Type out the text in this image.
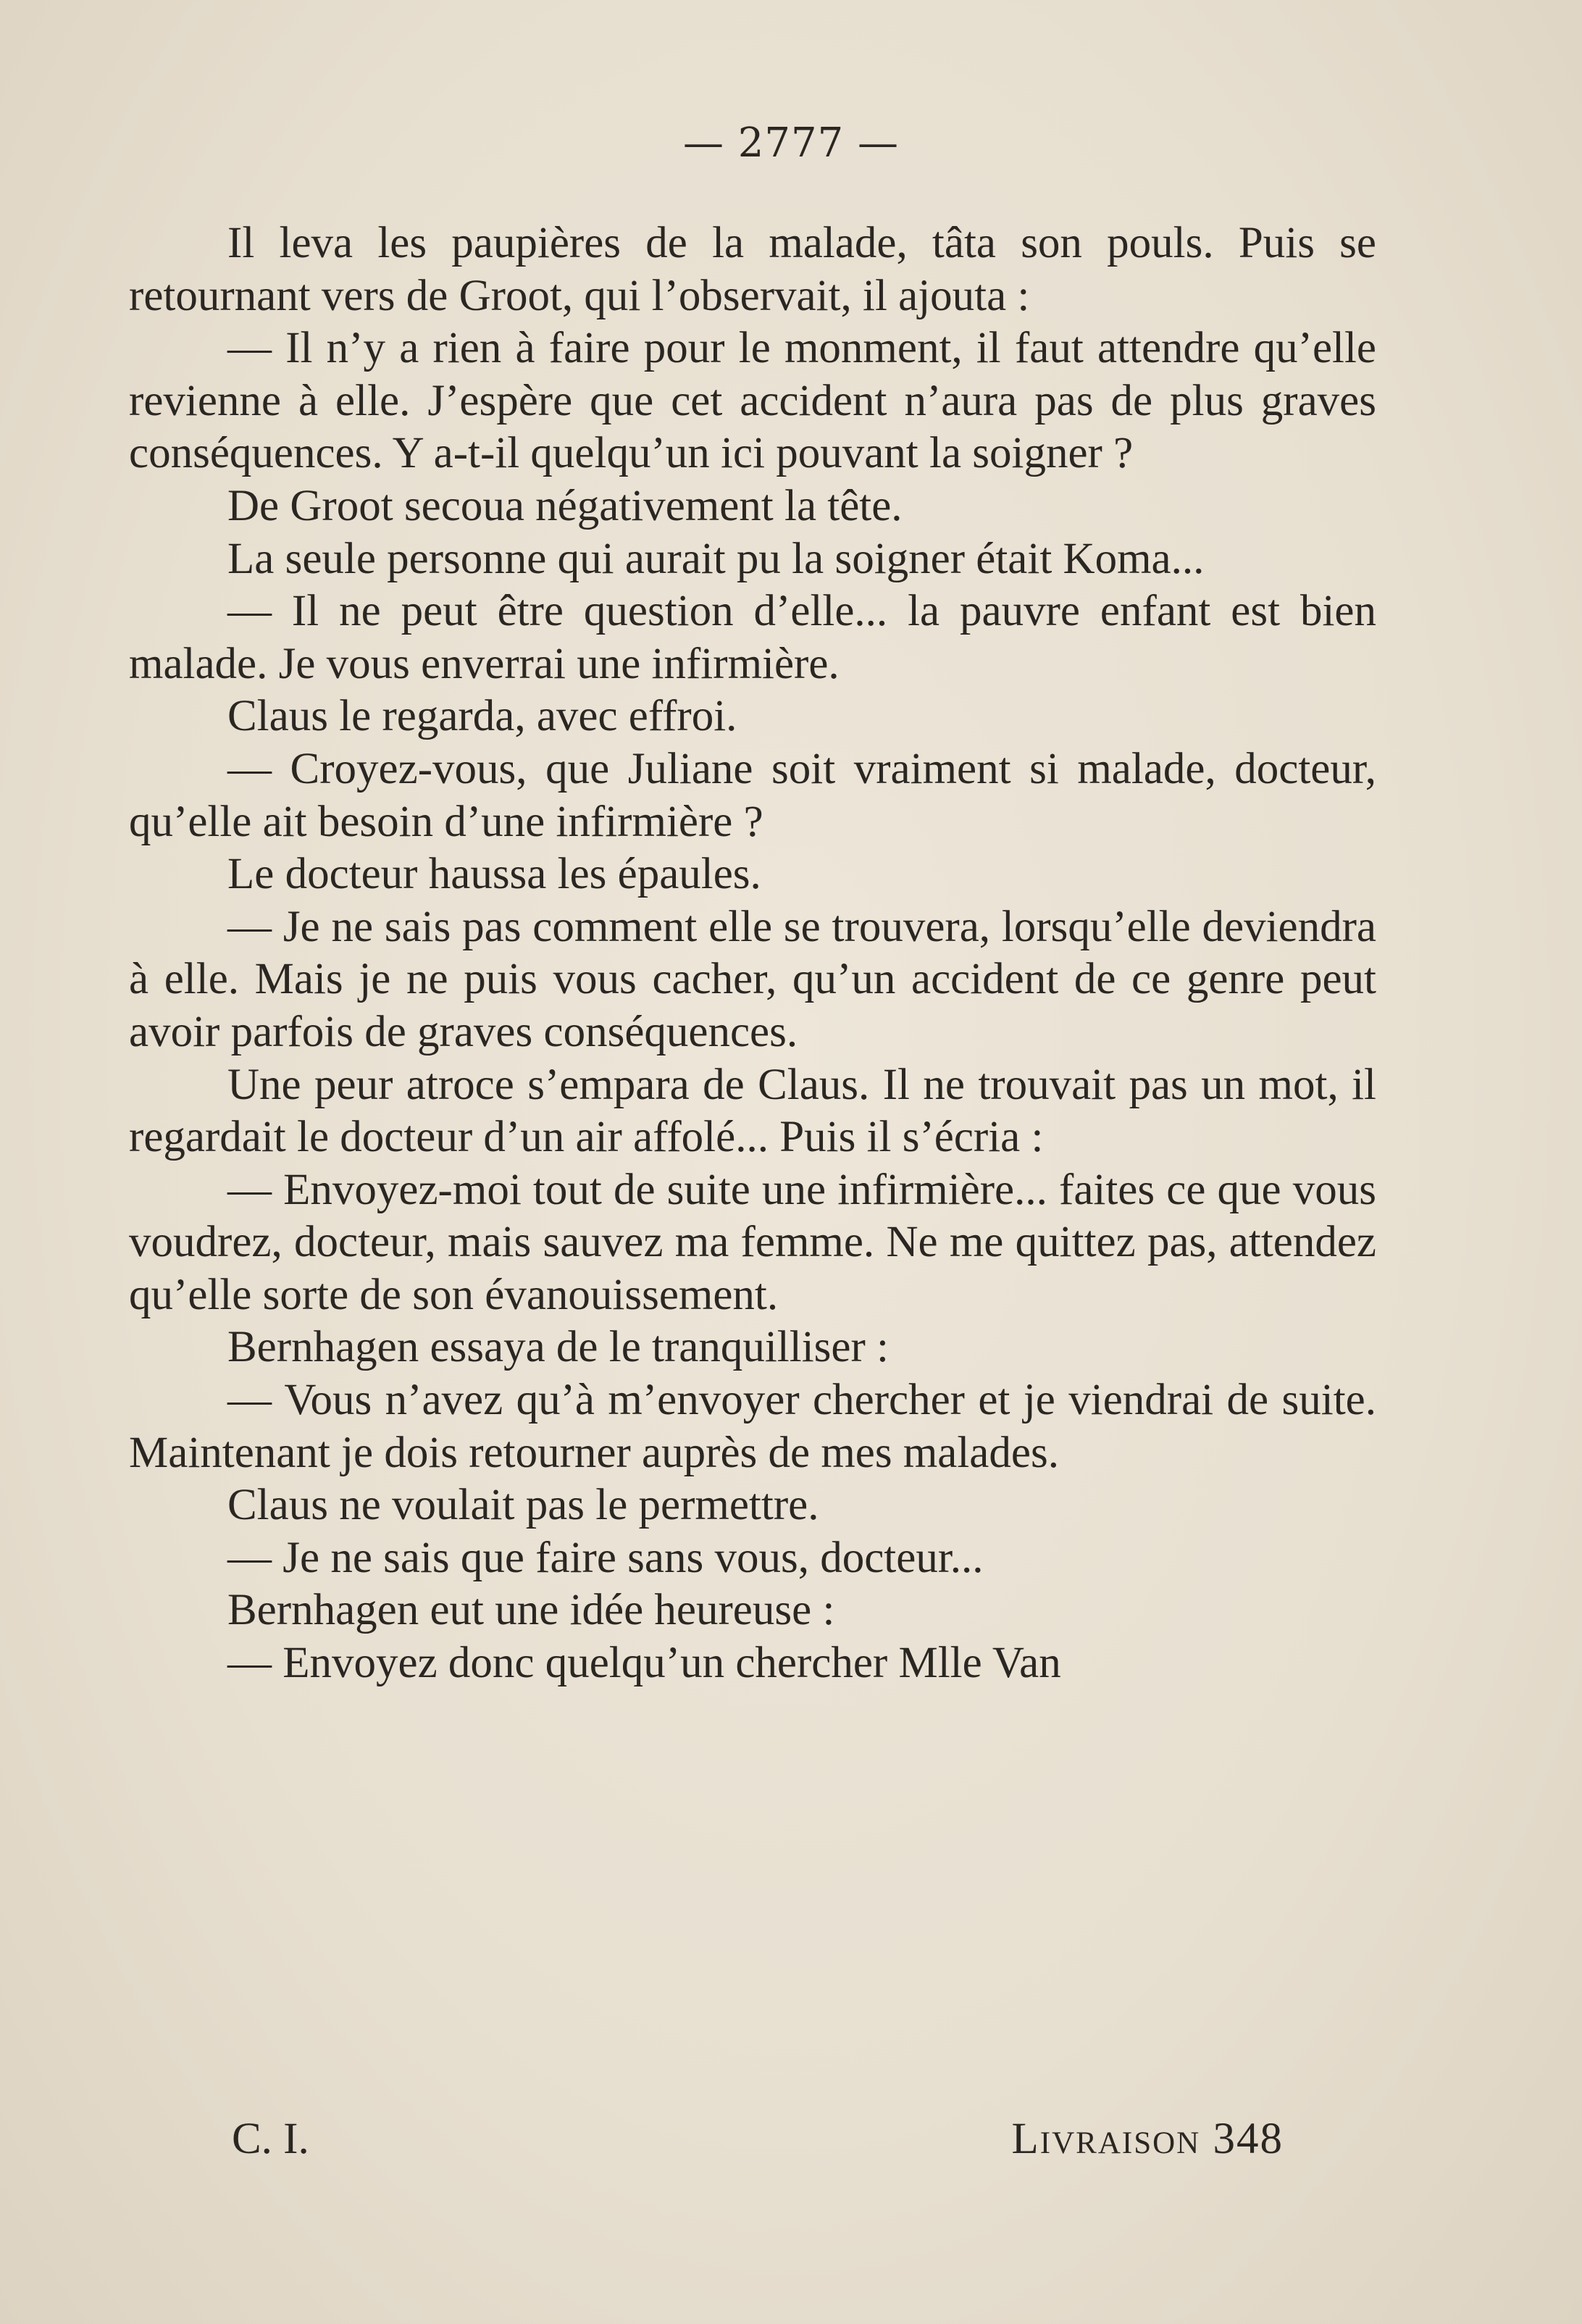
— 2777 —

Il leva les paupières de la malade, tâta son pouls. Puis se retournant vers de Groot, qui l’observait, il ajouta :

— Il n’y a rien à faire pour le monment, il faut attendre qu’elle revienne à elle. J’espère que cet accident n’aura pas de plus graves conséquences. Y a-t-il quelqu’un ici pouvant la soigner ?

De Groot secoua négativement la tête.

La seule personne qui aurait pu la soigner était Koma...

— Il ne peut être question d’elle... la pauvre enfant est bien malade. Je vous enverrai une infirmière.

Claus le regarda, avec effroi.

— Croyez-vous, que Juliane soit vraiment si malade, docteur, qu’elle ait besoin d’une infirmière ?

Le docteur haussa les épaules.

— Je ne sais pas comment elle se trouvera, lorsqu’elle deviendra à elle. Mais je ne puis vous cacher, qu’un accident de ce genre peut avoir parfois de graves conséquences.

Une peur atroce s’empara de Claus. Il ne trouvait pas un mot, il regardait le docteur d’un air affolé... Puis il s’écria :

— Envoyez-moi tout de suite une infirmière... faites ce que vous voudrez, docteur, mais sauvez ma femme. Ne me quittez pas, attendez qu’elle sorte de son évanouissement.

Bernhagen essaya de le tranquilliser :

— Vous n’avez qu’à m’envoyer chercher et je viendrai de suite. Maintenant je dois retourner auprès de mes malades.

Claus ne voulait pas le permettre.

— Je ne sais que faire sans vous, docteur...

Bernhagen eut une idée heureuse :

— Envoyez donc quelqu’un chercher Mlle Van

C. I.	Livraison 348
